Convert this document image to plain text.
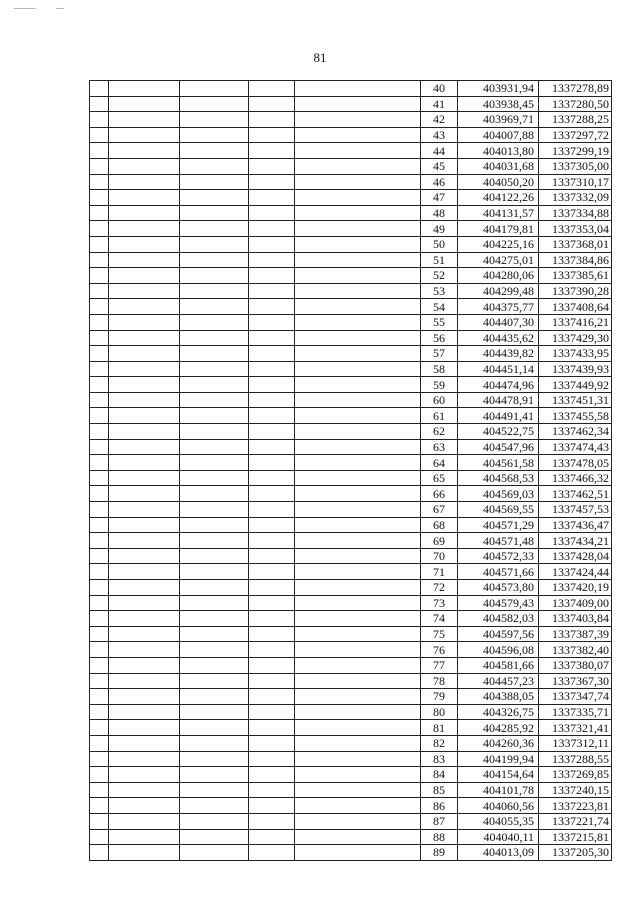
81
					40	403931,94	1337278,89
					41	403938,45	1337280,50
					42	403969,71	1337288,25
					43	404007,88	1337297,72
					44	404013,80	1337299,19
					45	404031,68	1337305,00
					46	404050,20	1337310,17
					47	404122,26	1337332,09
					48	404131,57	1337334,88
					49	404179,81	1337353,04
					50	404225,16	1337368,01
					51	404275,01	1337384,86
					52	404280,06	1337385,61
					53	404299,48	1337390,28
					54	404375,77	1337408,64
					55	404407,30	1337416,21
					56	404435,62	1337429,30
					57	404439,82	1337433,95
					58	404451,14	1337439,93
					59	404474,96	1337449,92
					60	404478,91	1337451,31
					61	404491,41	1337455,58
					62	404522,75	1337462,34
					63	404547,96	1337474,43
					64	404561,58	1337478,05
					65	404568,53	1337466,32
					66	404569,03	1337462,51
					67	404569,55	1337457,53
					68	404571,29	1337436,47
					69	404571,48	1337434,21
					70	404572,33	1337428,04
					71	404571,66	1337424,44
					72	404573,80	1337420,19
					73	404579,43	1337409,00
					74	404582,03	1337403,84
					75	404597,56	1337387,39
					76	404596,08	1337382,40
					77	404581,66	1337380,07
					78	404457,23	1337367,30
					79	404388,05	1337347,74
					80	404326,75	1337335,71
					81	404285,92	1337321,41
					82	404260,36	1337312,11
					83	404199,94	1337288,55
					84	404154,64	1337269,85
					85	404101,78	1337240,15
					86	404060,56	1337223,81
					87	404055,35	1337221,74
					88	404040,11	1337215,81
					89	404013,09	1337205,30
